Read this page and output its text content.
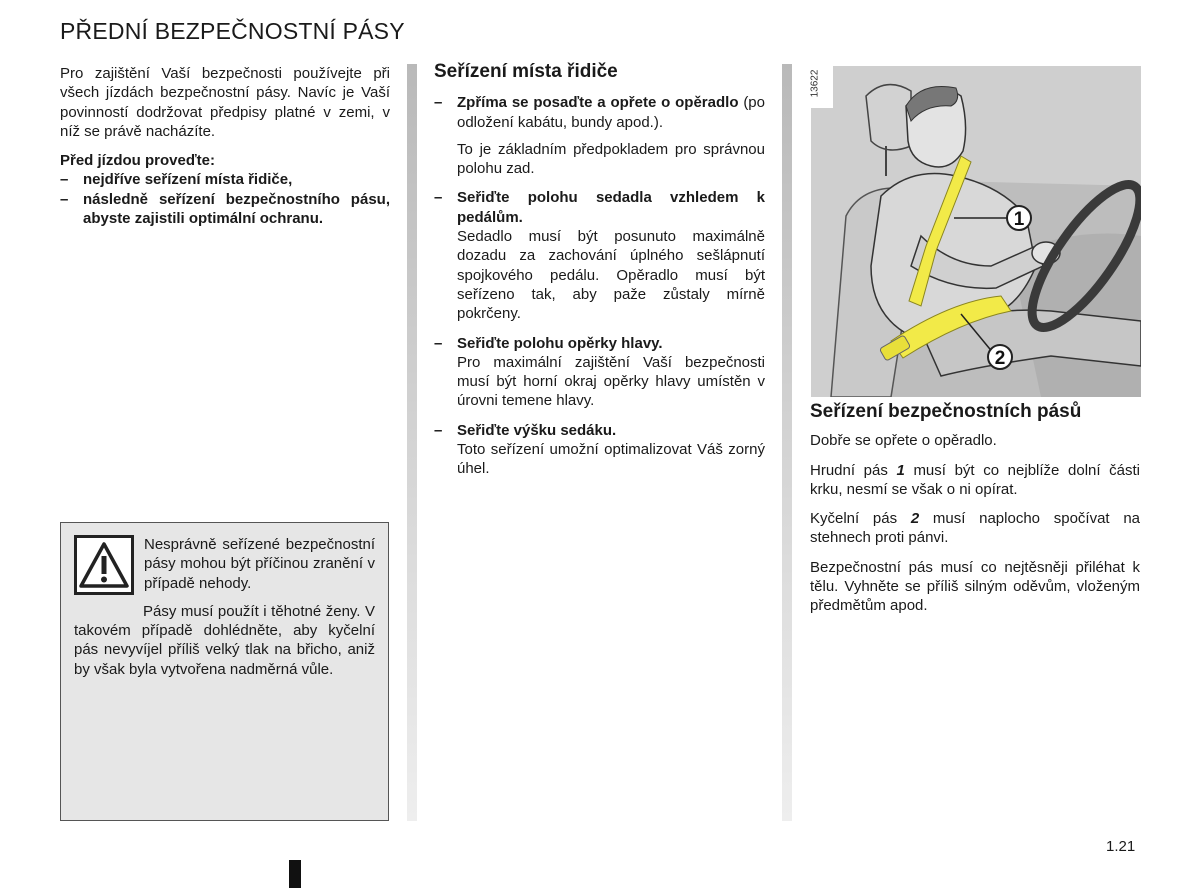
PŘEDNÍ BEZPEČNOSTNÍ PÁSY

Pro zajištění Vaší bezpečnosti používejte při všech jízdách bezpečnostní pásy. Navíc je Vaší povinností dodržovat předpisy platné v zemi, v níž se právě nacházíte.

Před jízdou proveďte:

– nejdříve seřízení místa řidiče,
– následně seřízení bezpečnostního pásu, abyste zajistili optimální ochranu.

Nesprávně seřízené bezpečnostní pásy mohou být příčinou zranění v případě nehody.

Pásy musí použít i těhotné ženy. V takovém případě dohlédněte, aby kyčelní pás nevyvíjel příliš velký tlak na břicho, aniž by však byla vytvořena nadměrná vůle.

Seřízení místa řidiče
– Zpříma se posaďte a opřete o opěradlo (po odložení kabátu, bundy apod.).

To je základním předpokladem pro správnou polohu zad.

– Seřiďte polohu sedadla vzhledem k pedálům.
Sedadlo musí být posunuto maximálně dozadu za zachování úplného sešlápnutí spojkového pedálu. Opěradlo musí být seřízeno tak, aby paže zůstaly mírně pokrčeny.
– Seřiďte polohu opěrky hlavy.
Pro maximální zajištění Vaší bezpečnosti musí být horní okraj opěrky hlavy umístěn v úrovni temene hlavy.
– Seřiďte výšku sedáku.
Toto seřízení umožní optimalizovat Váš zorný úhel.
1
2
13622
Seřízení bezpečnostních pásů

Dobře se opřete o opěradlo.

Hrudní pás 1 musí být co nejblíže dolní části krku, nesmí se však o ni opírat.

Kyčelní pás 2 musí naplocho spočívat na stehnech proti pánvi.

Bezpečnostní pás musí co nejtěsněji přiléhat k tělu. Vyhněte se příliš silným oděvům, vloženým předmětům apod.

1.21
